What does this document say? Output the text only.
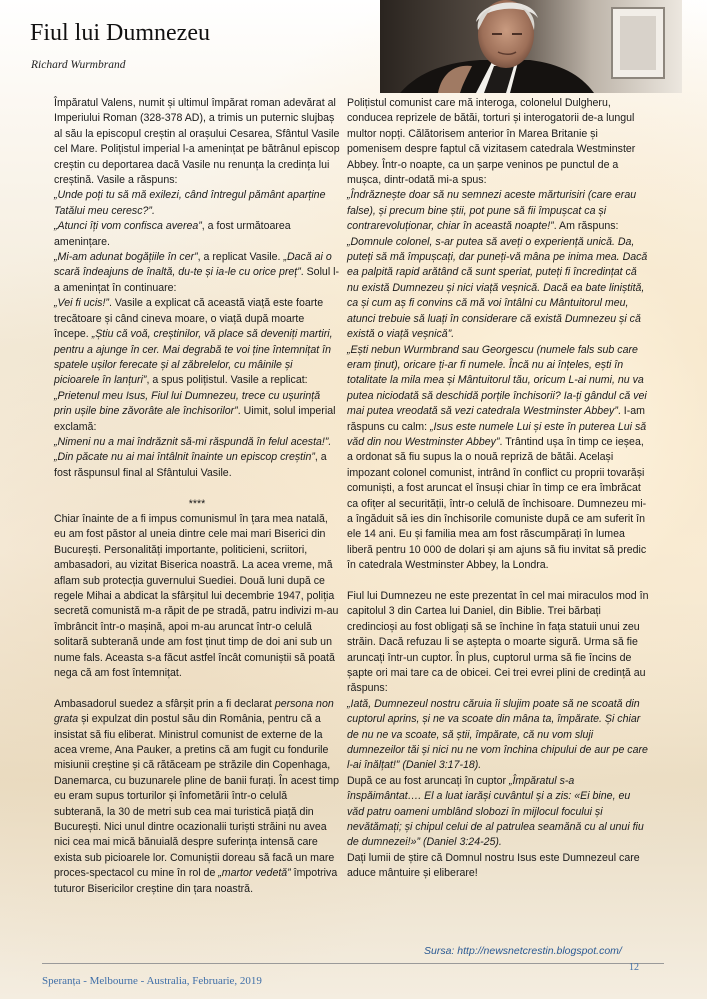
Fiul lui Dumnezeu
Richard Wurmbrand

Împăratul Valens, numit și ultimul împărat roman adevărat al Imperiului Roman (328-378 AD), a trimis un puternic slujbaș al său la episcopul creștin al orașului Cesarea, Sfântul Vasile cel Mare. Polițistul imperial l-a amenințat pe bătrânul episcop creștin cu deportarea dacă Vasile nu renunța la credința lui creștină. Vasile a răspuns:

„Unde poți tu să mă exilezi, când întregul pământ aparține Tatălui meu ceresc?”.

„Atunci îți vom confisca averea”, a fost următoarea amenințare.

„Mi-am adunat bogățiile în cer”, a replicat Vasile. „Dacă ai o scară îndeajuns de înaltă, du-te și ia-le cu orice preț”. Solul l-a amenințat în continuare:

„Vei fi ucis!”. Vasile a explicat că această viață este foarte trecătoare și când cineva moare, o viață după moarte începe. „Știu că voă, creștinilor, vă place să deveniți martiri, pentru a ajunge în cer. Mai degrabă te voi ține întemnițat în spatele ușilor ferecate și al zăbrelelor, cu mâinile și picioarele în lanțuri”, a spus polițistul. Vasile a replicat:

„Prietenul meu Isus, Fiul lui Dumnezeu, trece cu ușurință prin ușile bine zăvorâte ale închisorilor”. Uimit, solul imperial exclamă:

„Nimeni nu a mai îndrăznit să-mi răspundă în felul acesta!”.

„Din păcate nu ai mai întâlnit înainte un episcop creștin”, a fost răspunsul final al Sfântului Vasile.

****

Chiar înainte de a fi impus comunismul în țara mea natală, eu am fost păstor al uneia dintre cele mai mari Biserici din București. Personalități importante, politicieni, scriitori, ambasadori, au vizitat Biserica noastră. La acea vreme, mă aflam sub protecția guvernului Suediei. Două luni după ce regele Mihai a abdicat la sfârșitul lui decembrie 1947, poliția secretă comunistă m-a răpit de pe stradă, patru indivizi m-au îmbrâncit într-o mașină, apoi m-au aruncat într-o celulă solitară subterană unde am fost ținut timp de doi ani sub un nume fals. Aceasta s-a făcut astfel încât comuniștii să poată nega că am fost întemnițat.

Ambasadorul suedez a sfârșit prin a fi declarat persona non grata și expulzat din postul său din România, pentru că a insistat să fiu eliberat. Ministrul comunist de externe de la acea vreme, Ana Pauker, a pretins că am fugit cu fondurile misiunii creștine și că rătăceam pe străzile din Copenhaga, Danemarca, cu buzunarele pline de banii furați. În acest timp eu eram supus torturilor și înfometării într-o celulă subterană, la 30 de metri sub cea mai turistică piață din București. Nici unul dintre ocazionalii turiști străini nu avea nici cea mai mică bănuială despre suferința intensă care exista sub picioarele lor. Comuniștii doreau să facă un mare proces-spectacol cu mine în rol de „martor vedetă” împotriva tuturor Bisericilor creștine din țara noastră.

Polițistul comunist care mă interoga, colonelul Dulgheru, conducea reprizele de bătăi, torturi și interogatorii de-a lungul multor nopți. Călătorisem anterior în Marea Britanie și pomenisem despre faptul că vizitasem catedrala Westminster Abbey. Într-o noapte, ca un șarpe veninos pe punctul de a mușca, dintr-odată mi-a spus:

„Îndrăznește doar să nu semnezi aceste mărturisiri (care erau false), și precum bine știi, pot pune să fii împușcat ca și contrarevoluționar, chiar în această noapte!”. Am răspuns:

„Domnule colonel, s-ar putea să aveți o experiență unică. Da, puteți să mă împușcați, dar puneți-vă mâna pe inima mea. Dacă ea palpită rapid arătând că sunt speriat, puteți fi încredințat că nu există Dumnezeu și nici viață veșnică. Dacă ea bate liniștită, ca și cum aș fi convins că mă voi întâlni cu Mântuitorul meu, atunci trebuie să luați în considerare că există Dumnezeu și că există o viață veșnică”.

„Ești nebun Wurmbrand sau Georgescu (numele fals sub care eram ținut), oricare ți-ar fi numele. Încă nu ai înțeles, ești în totalitate la mila mea și Mântuitorul tău, oricum L-ai numi, nu va putea niciodată să deschidă porțile închisorii? Ia-ți gândul că vei mai putea vreodată să vezi catedrala Westminster Abbey”. I-am răspuns cu calm: „Isus este numele Lui și este în puterea Lui să văd din nou Westminster Abbey”. Trântind ușa în timp ce ieșea, a ordonat să fiu supus la o nouă repriză de bătăi. Același impozant colonel comunist, intrând în conflict cu proprii tovarăși comuniști, a fost aruncat el însuși chiar în timp ce era îmbrăcat ca ofițer al securității, într-o celulă de închisoare. Dumnezeu mi-a îngăduit să ies din închisorile comuniste după ce am suferit în ele 14 ani. Eu și familia mea am fost răscumpărați în lumea liberă pentru 10 000 de dolari și am ajuns să fiu invitat să predic în catedrala Westminster Abbey, la Londra.

Fiul lui Dumnezeu ne este prezentat în cel mai miraculos mod în capitolul 3 din Cartea lui Daniel, din Biblie. Trei bărbați credincioși au fost obligați să se închine în fața statuii unui zeu străin. Dacă refuzau li se aștepta o moarte sigură. Urma să fie aruncați într-un cuptor. În plus, cuptorul urma să fie încins de șapte ori mai tare ca de obicei. Cei trei evrei plini de credință au răspuns:

„Iată, Dumnezeul nostru căruia îi slujim poate să ne scoată din cuptorul aprins, și ne va scoate din mâna ta, împărate. Și chiar de nu ne va scoate, să știi, împărate, că nu vom sluji dumnezeilor tăi și nici nu ne vom închina chipului de aur pe care l-ai înălțat!” (Daniel 3:17-18).

După ce au fost aruncați în cuptor „Împăratul s-a înspăimântat…. El a luat iarăși cuvântul și a zis: «Ei bine, eu văd patru oameni umblând slobozi în mijlocul focului și nevătămați; și chipul celui de al patrulea seamănă cu al unui fiu de dumnezei!»” (Daniel 3:24-25).

Dați lumii de știre că Domnul nostru Isus este Dumnezeul care aduce mântuire și eliberare!

Sursa: http://newsnetcrestin.blogspot.com/
12
Speranța - Melbourne - Australia, Februarie, 2019
